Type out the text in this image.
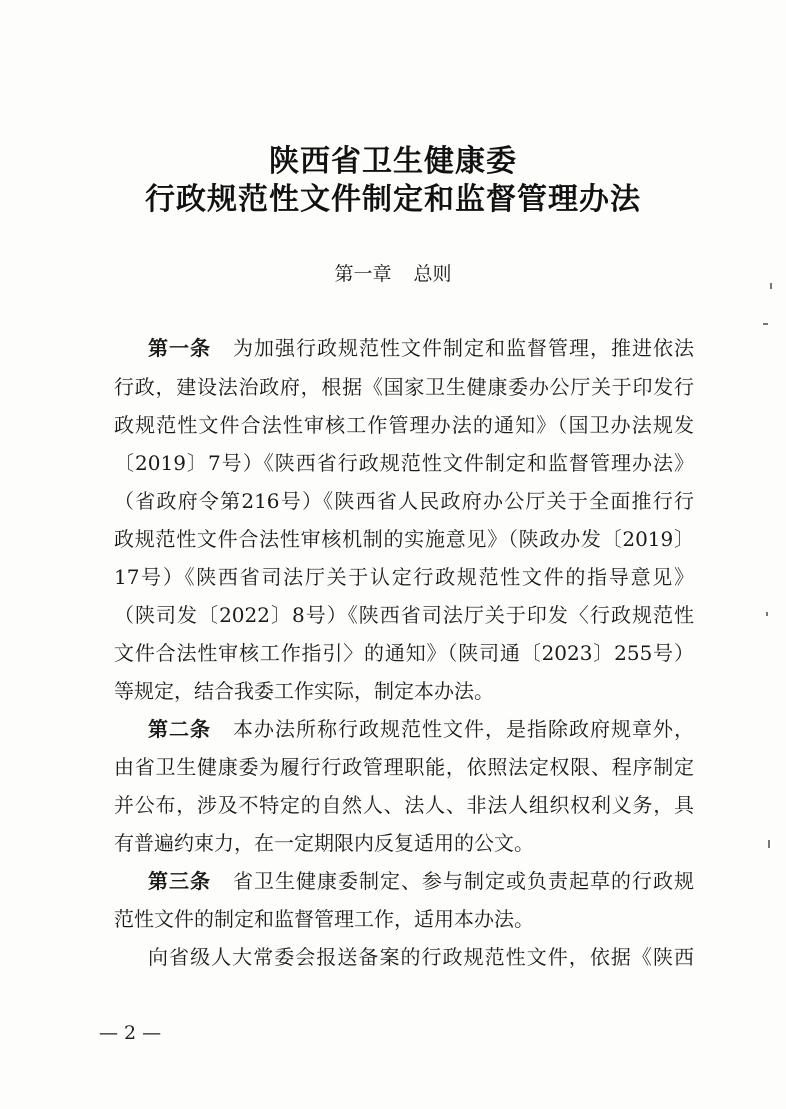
陕西省卫生健康委
行政规范性文件制定和监督管理办法
第一章 总则
第一条 为加强行政规范性文件制定和监督管理，推进依法
行政，建设法治政府，根据《国家卫生健康委办公厅关于印发行
政规范性文件合法性审核工作管理办法的通知》（国卫办法规发
〔2019〕7号）《陕西省行政规范性文件制定和监督管理办法》
（省政府令第216号）《陕西省人民政府办公厅关于全面推行行
政规范性文件合法性审核机制的实施意见》（陕政办发〔2019〕
17号）《陕西省司法厅关于认定行政规范性文件的指导意见》
（陕司发〔2022〕8号）《陕西省司法厅关于印发〈行政规范性
文件合法性审核工作指引〉的通知》（陕司通〔2023〕255号）
等规定，结合我委工作实际，制定本办法。
第二条 本办法所称行政规范性文件，是指除政府规章外，
由省卫生健康委为履行行政管理职能，依照法定权限、程序制定
并公布，涉及不特定的自然人、法人、非法人组织权利义务，具
有普遍约束力，在一定期限内反复适用的公文。
第三条 省卫生健康委制定、参与制定或负责起草的行政规
范性文件的制定和监督管理工作，适用本办法。
向省级人大常委会报送备案的行政规范性文件，依据《陕西
— 2 —
